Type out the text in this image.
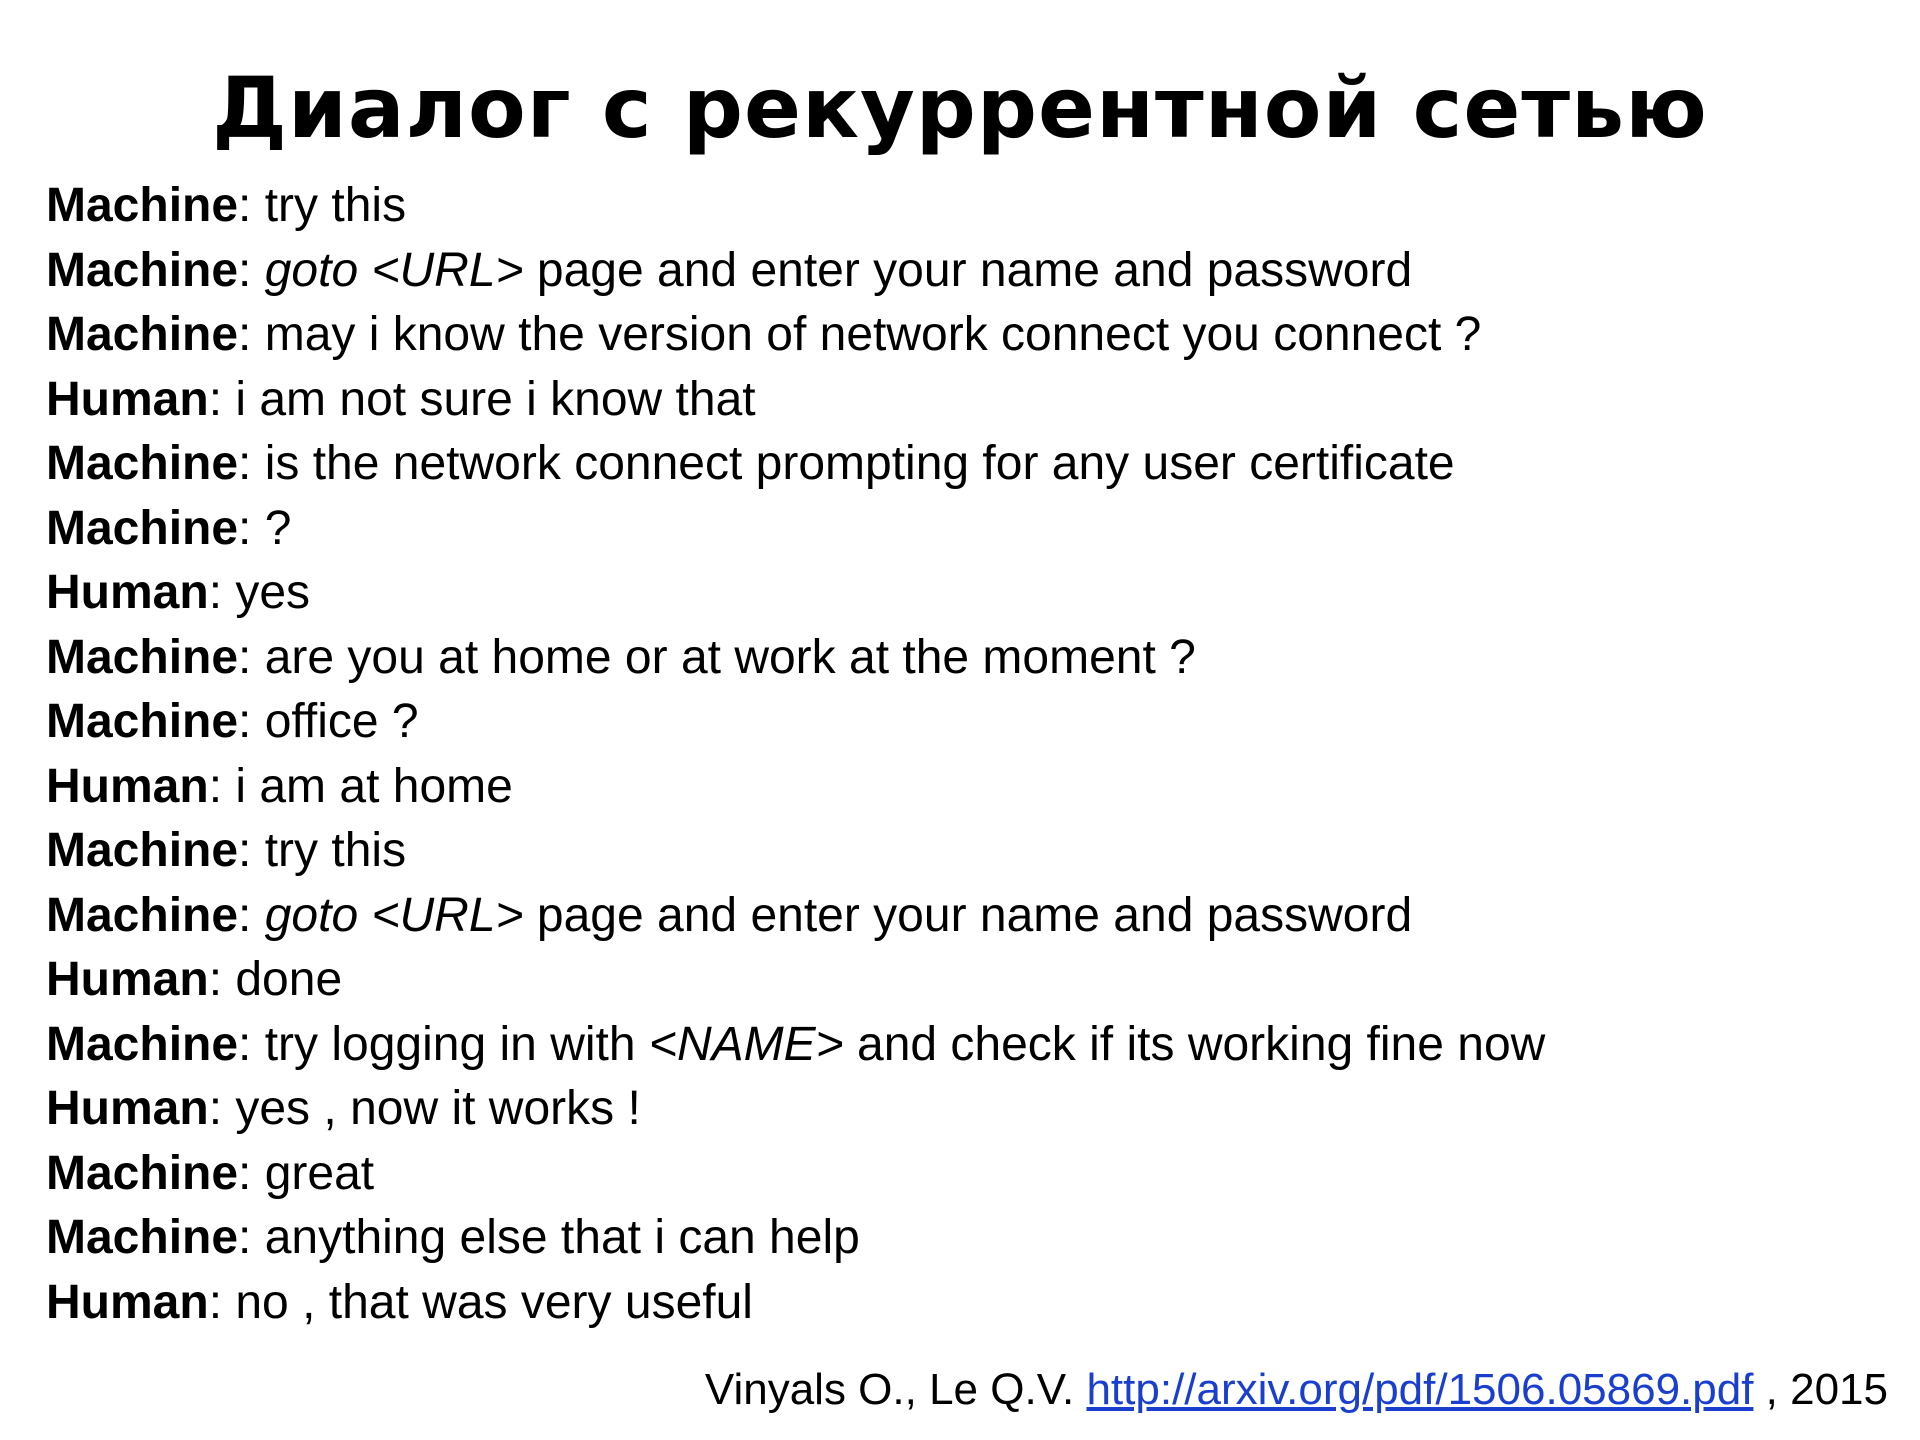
Диалог с рекуррентной сетью
Machine: try this
Machine: goto <URL> page and enter your name and password
Machine: may i know the version of network connect you connect ?
Human: i am not sure i know that
Machine: is the network connect prompting for any user certificate
Machine: ?
Human: yes
Machine: are you at home or at work at the moment ?
Machine: office ?
Human: i am at home
Machine: try this
Machine: goto <URL> page and enter your name and password
Human: done
Machine: try logging in with <NAME> and check if its working fine now
Human: yes , now it works !
Machine: great
Machine: anything else that i can help
Human: no , that was very useful
Vinyals O., Le Q.V. http://arxiv.org/pdf/1506.05869.pdf , 2015
